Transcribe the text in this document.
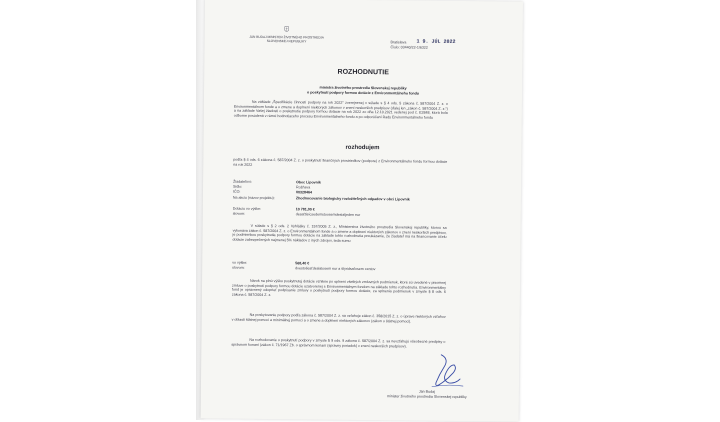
JÁN BUDAJ MINISTER ŽIVOTNÉHO PROSTREDIA
SLOVENSKEJ REPUBLIKY	Bratislava 1 9. JÚL 2022
Číslo: 03440/22-1/6322
ROZHODNUTIE
ministra životného prostredia Slovenskej republiky
o poskytnutí podpory formou dotácie z Environmentálneho fondu
Na základe „Špecifikácie činností podpory na rok 2022“ zverejnenej v súlade s § 4 ods. 5 zákona č. 587/2004 Z. z. o Environmentálnom fonde a o zmene a doplnení niektorých zákonov v znení neskorších predpisov (ďalej len „zákon č. 587/2004 Z. z.“) a na základe Vašej žiadosti o poskytnutie podpory formou dotácie na rok 2022 zo dňa 12.10.2021 vedenej pod č. E2848, ktorá bola odborne posúdená v rámci hodnotiaceho procesu Environmentálneho fondu a po odporúčaní Rady Environmentálneho fondu
rozhodujem
podľa § 4 ods. 6 zákona č. 587/2004 Z. z. o poskytnutí finančných prostriedkov (podpore) z Environmentálneho fondu formou dotácie na rok 2022
Žiadateľovi:	Obec Lipovník
Sídlo:	Rožňava
IČO:	00328464
Na akciu (názov projektu):	Zhodnocovanie biologicky rozložiteľných odpadov v obci Lipovník
Dotáciu vo výške:	10 781,00 €
slovom:	desaťtisícsedemstoosemdesiatjeden eur
V súlade s § 2 ods. 2 Vyhlášky č. 157/2005 Z. z., Ministerstva životného prostredia Slovenskej republiky, ktorou sa vykonáva zákon č. 587/2004 Z. z. o Environmentálnom fonde a o zmene a doplnení niektorých zákonov v znení neskorších predpisov, je podmienkou poskytnutia podpory formou dotácie na základe tohto rozhodnutia preukázanie, že žiadateľ má na financovanie účelu dotácie zabezpečených najmenej 5% nákladov z iných zdrojov, teda sumu
vo výške:	568,40 €
slovom:	dvestošesťdesiatosem eur a štyridsaťosem centov
Nárok na plnú výšku poskytnutej dotácie vznikne po splnení všetkých zmluvných podmienok, ktoré sú uvedené v písomnej zmluve o poskytnutí podpory formou dotácie uzatvorenej s Environmentálnym fondom na základe tohto rozhodnutia. Environmentálny fond je oprávnený odoprieť podpísanie zmluvy o poskytnutí podpory formou dotácie, za splnenia podmienok v zmysle § 8 ods. 6 zákona č. 587/2004 Z. z.
Na poskytovanie podpory podľa zákona č. 587/2004 Z. z. sa vzťahuje zákon č. 358/2015 Z. z. o úprave niektorých vzťahov v oblasti štátnej pomoci a minimálnej pomoci a o zmene a doplnení niektorých zákonov (zákon o štátnej pomoci).
Na rozhodovanie o poskytnutí podpory v zmysle § 9 ods. 9 zákona č. 587/2004 Z. z. sa nevzťahujú všeobecné predpisy o správnom konaní (zákon č. 71/1967 Zb. o správnom konaní (správny poriadok) v znení neskorších predpisov).
Ján Budaj
minister životného prostredia Slovenskej republiky
